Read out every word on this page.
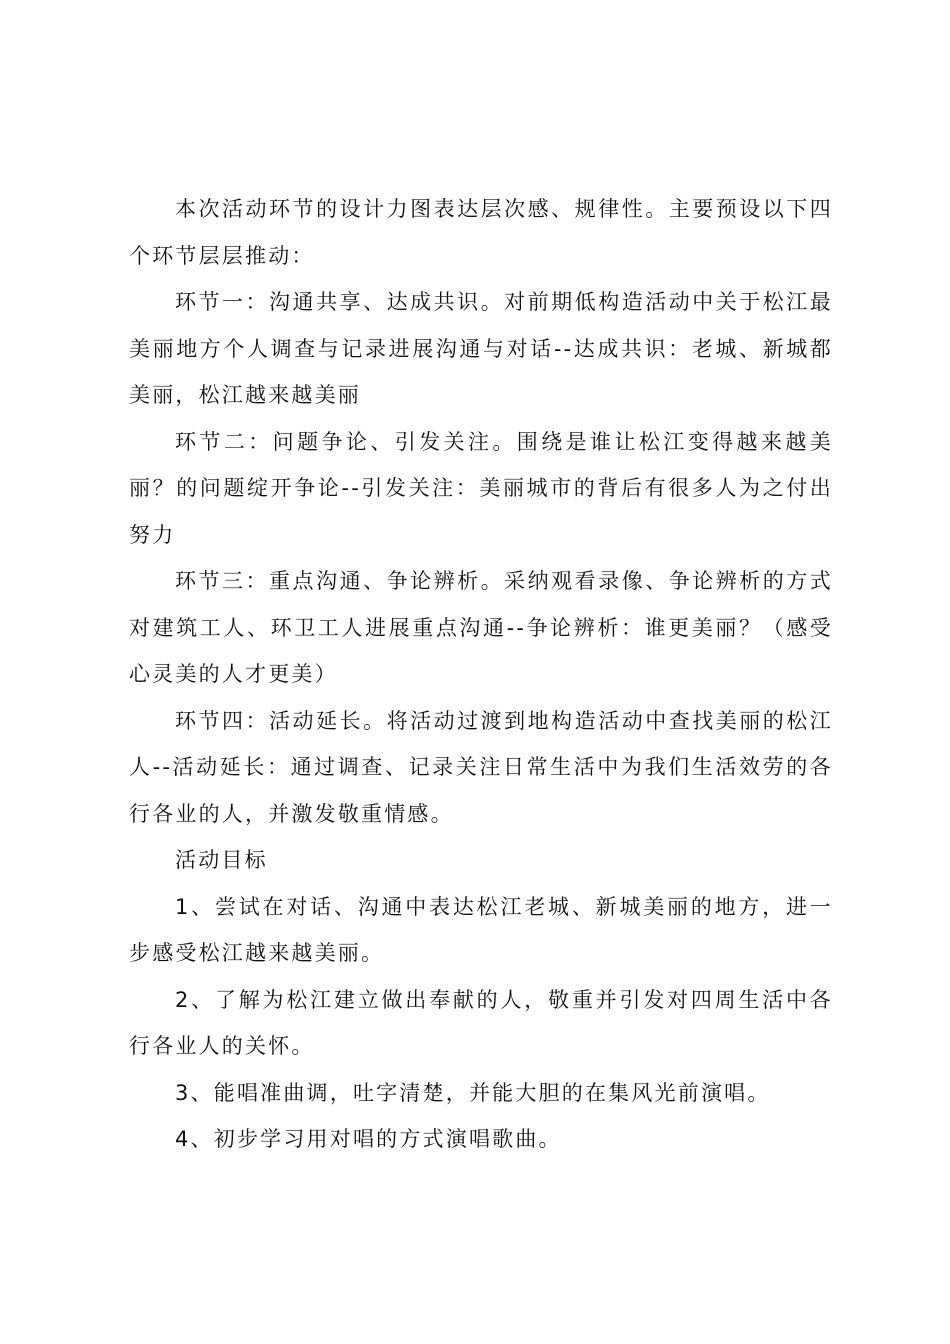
本次活动环节的设计力图表达层次感、规律性。主要预设以下四个环节层层推动：

环节一：沟通共享、达成共识。对前期低构造活动中关于松江最美丽地方个人调查与记录进展沟通与对话--达成共识：老城、新城都美丽，松江越来越美丽

环节二：问题争论、引发关注。围绕是谁让松江变得越来越美丽？的问题绽开争论--引发关注：美丽城市的背后有很多人为之付出努力

环节三：重点沟通、争论辨析。采纳观看录像、争论辨析的方式对建筑工人、环卫工人进展重点沟通--争论辨析：谁更美丽？（感受心灵美的人才更美）

环节四：活动延长。将活动过渡到地构造活动中查找美丽的松江人--活动延长：通过调查、记录关注日常生活中为我们生活效劳的各行各业的人，并激发敬重情感。

活动目标

1、尝试在对话、沟通中表达松江老城、新城美丽的地方，进一步感受松江越来越美丽。

2、了解为松江建立做出奉献的人，敬重并引发对四周生活中各行各业人的关怀。

3、能唱准曲调，吐字清楚，并能大胆的在集风光前演唱。

4、初步学习用对唱的方式演唱歌曲。
